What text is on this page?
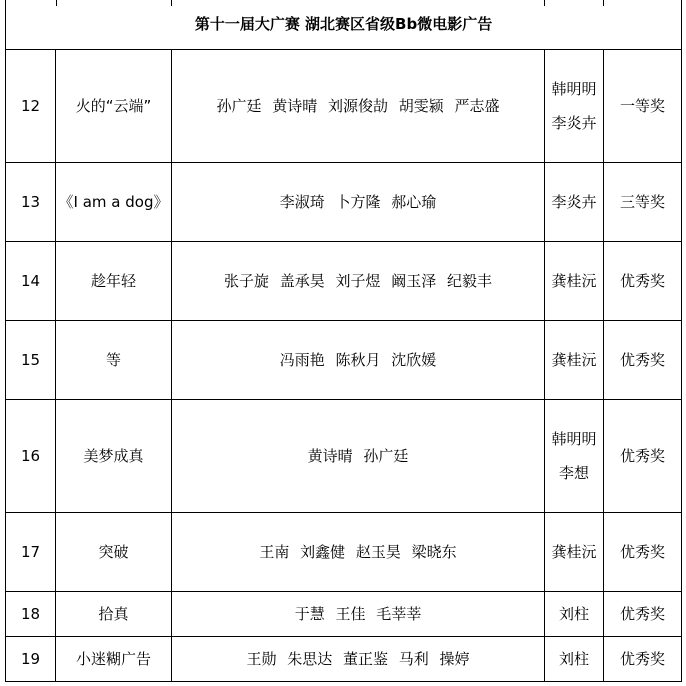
第十一届大广赛 湖北赛区省级Bb微电影广告				
12	火的“云端”	孙广廷 黄诗晴 刘源俊劼 胡雯颍 严志盛	韩明明 李炎卉	一等奖
13	《I am a dog》	李淑琦 卜方隆 郝心瑜	李炎卉	三等奖
14	趁年轻	张子旋 盖承昊 刘子煜 阚玉泽 纪毅丰	龚桂沅	优秀奖
15	等	冯雨艳 陈秋月 沈欣媛	龚桂沅	优秀奖
16	美梦成真	黄诗晴 孙广廷	韩明明李想	优秀奖
17	突破	王南 刘鑫健 赵玉昊 梁晓东	龚桂沅	优秀奖
18	拾真	于慧 王佳 毛莘莘	刘柱	优秀奖
19	小迷糊广告	王勋 朱思达 董正鉴 马利 操婷	刘柱	优秀奖
